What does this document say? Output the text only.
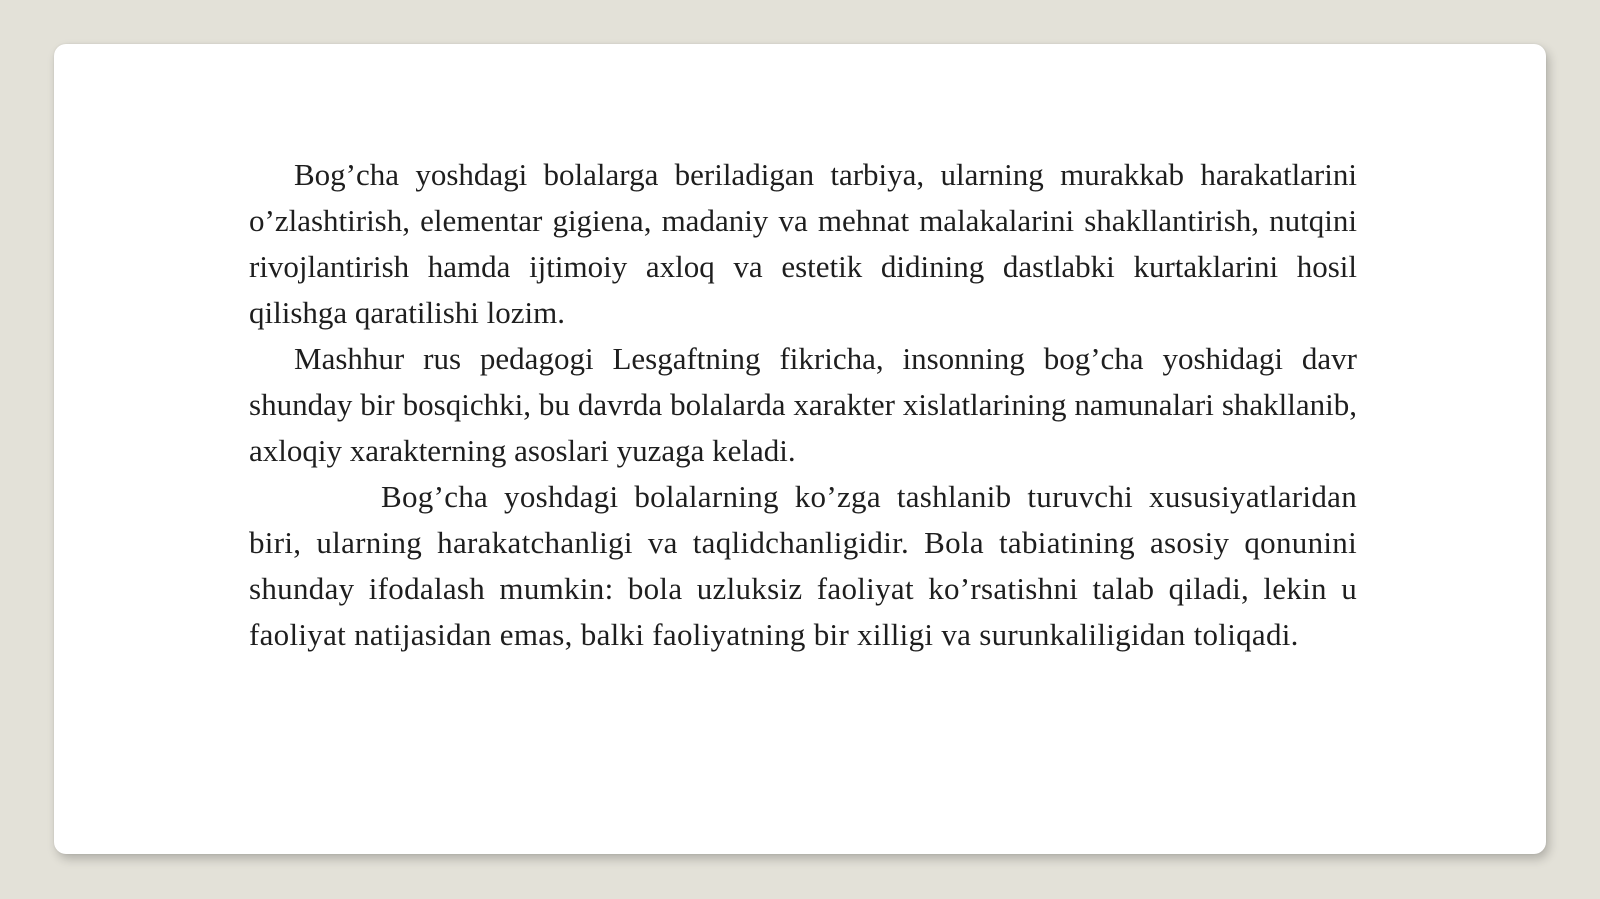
Bog’cha yoshdagi bolalarga beriladigan tarbiya, ularning murakkab harakatlarini o’zlashtirish, elementar gigiena, madaniy va mehnat malakalarini shakllantirish, nutqini rivojlantirish hamda ijtimoiy axloq va estetik didining dastlabki kurtaklarini hosil qilishga qaratilishi lozim.

Mashhur rus pedagogi Lesgaftning fikricha, insonning bog’cha yoshidagi davr shunday bir bosqichki, bu davrda bolalarda xarakter xislatlarining namunalari shakllanib, axloqiy xarakterning asoslari yuzaga keladi.

Bog’cha yoshdagi bolalarning ko’zga tashlanib turuvchi xususiyatlaridan biri, ularning harakatchanligi va taqlidchanligidir. Bola tabiatining asosiy qonunini shunday ifodalash mumkin: bola uzluksiz faoliyat ko’rsatishni talab qiladi, lekin u faoliyat natijasidan emas, balki faoliyatning bir xilligi va surunkaliligidan toliqadi.
